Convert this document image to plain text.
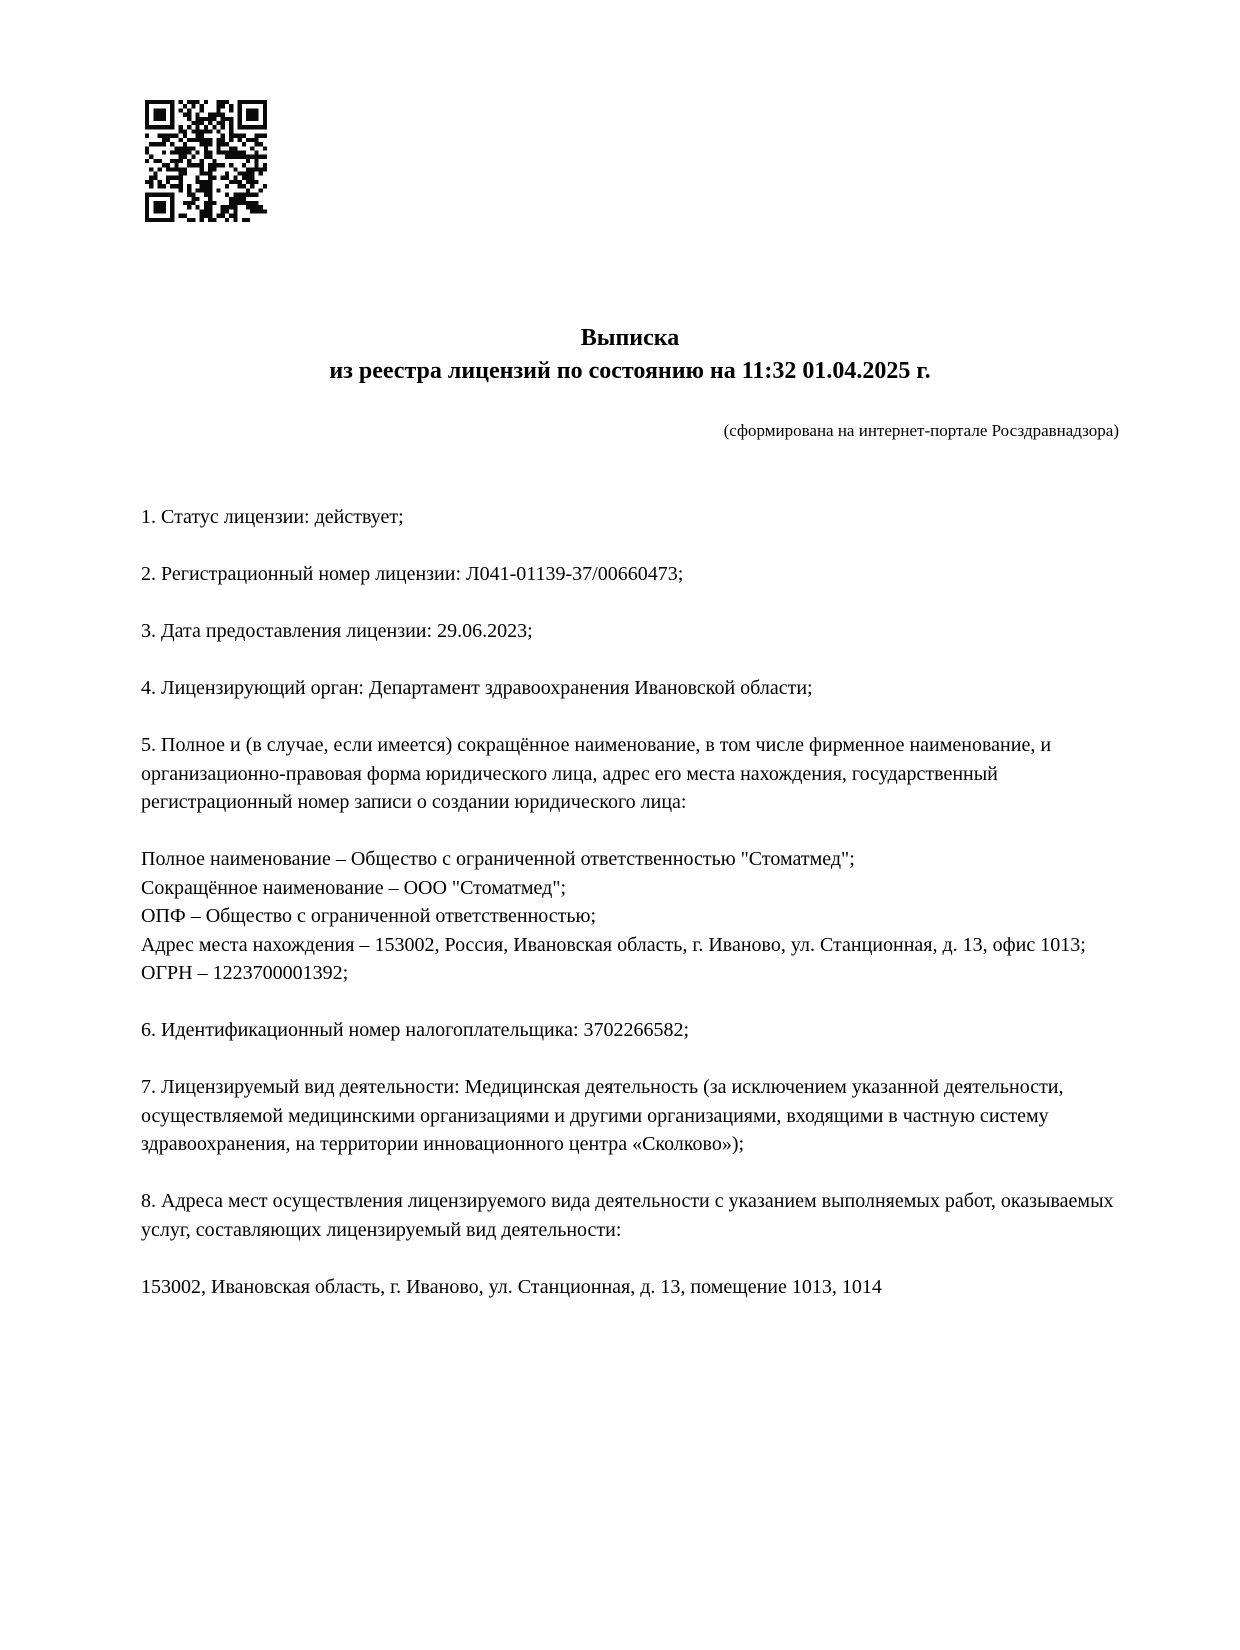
Выписка
из реестра лицензий по состоянию на 11:32 01.04.2025 г.
(сформирована на интернет-портале Росздравнадзора)

1. Статус лицензии: действует;

2. Регистрационный номер лицензии: Л041-01139-37/00660473;

3. Дата предоставления лицензии: 29.06.2023;

4. Лицензирующий орган: Департамент здравоохранения Ивановской области;

5. Полное и (в случае, если имеется) сокращённое наименование, в том числе фирменное наименование, и организационно-правовая форма юридического лица, адрес его места нахождения, государственный регистрационный номер записи о создании юридического лица:

Полное наименование – Общество с ограниченной ответственностью "Стоматмед";

Сокращённое наименование – ООО "Стоматмед";

ОПФ – Общество с ограниченной ответственностью;

Адрес места нахождения – 153002, Россия, Ивановская область, г. Иваново, ул. Станционная, д. 13, офис 1013;

ОГРН – 1223700001392;

6. Идентификационный номер налогоплательщика: 3702266582;

7. Лицензируемый вид деятельности: Медицинская деятельность (за исключением указанной деятельности, осуществляемой медицинскими организациями и другими организациями, входящими в частную систему здравоохранения, на территории инновационного центра «Сколково»);

8. Адреса мест осуществления лицензируемого вида деятельности с указанием выполняемых работ, оказываемых услуг, составляющих лицензируемый вид деятельности:

153002, Ивановская область, г. Иваново, ул. Станционная, д. 13, помещение 1013, 1014
